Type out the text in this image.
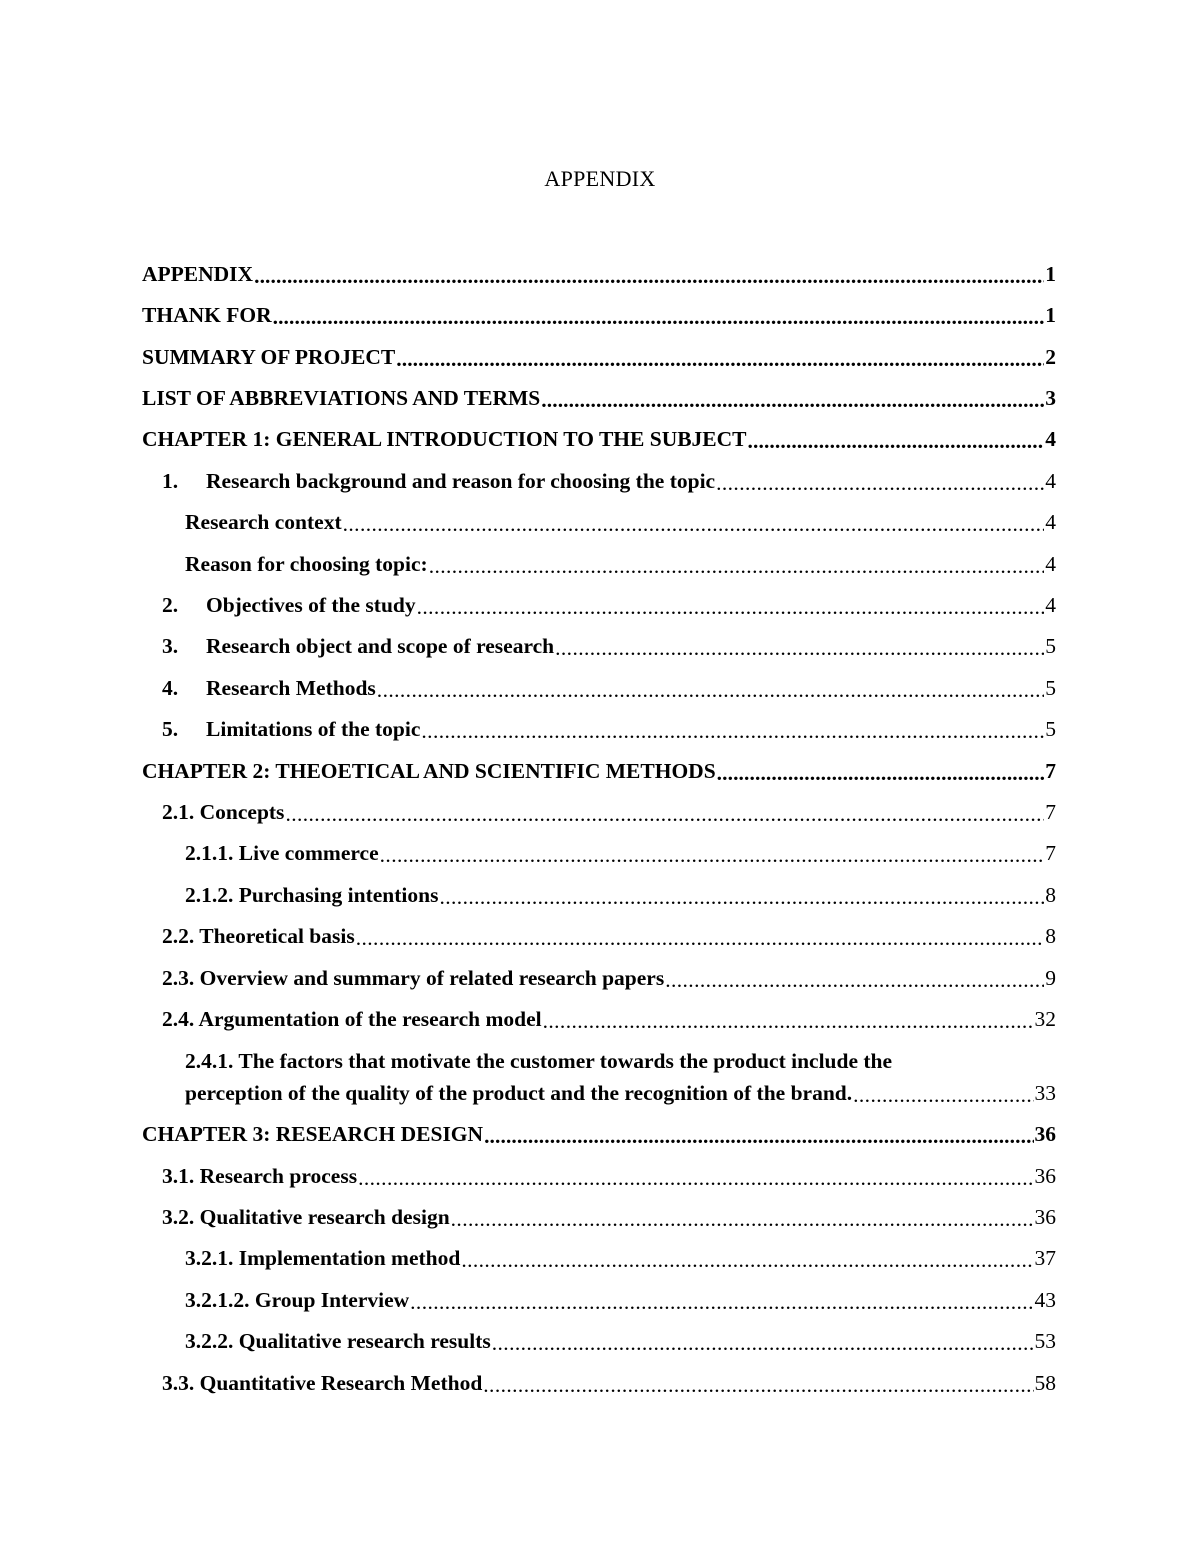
APPENDIX
APPENDIX .....	1
THANK FOR .....	1
SUMMARY OF PROJECT .....	2
LIST OF ABBREVIATIONS AND TERMS .....	3
CHAPTER 1: GENERAL INTRODUCTION TO THE SUBJECT .....	4
1.	Research background and reason for choosing the topic .....	4
Research context .....	4
Reason for choosing topic: .....	4
2.	Objectives of the study .....	4
3.	Research object and scope of research .....	5
4.	Research Methods .....	5
5.	Limitations of the topic .....	5
CHAPTER 2: THEOETICAL AND SCIENTIFIC METHODS .....	7
2.1. Concepts .....	7
2.1.1. Live commerce .....	7
2.1.2. Purchasing intentions .....	8
2.2. Theoretical basis .....	8
2.3. Overview and summary of related research papers .....	9
2.4. Argumentation of the research model .....	32
2.4.1. The factors that motivate the customer towards the product include the
perception of the quality of the product and the recognition of the brand. .....	33
CHAPTER 3: RESEARCH DESIGN .....	36
3.1. Research process .....	36
3.2. Qualitative research design .....	36
3.2.1. Implementation method .....	37
3.2.1.2. Group Interview .....	43
3.2.2. Qualitative research results .....	53
3.3. Quantitative Research Method .....	58
